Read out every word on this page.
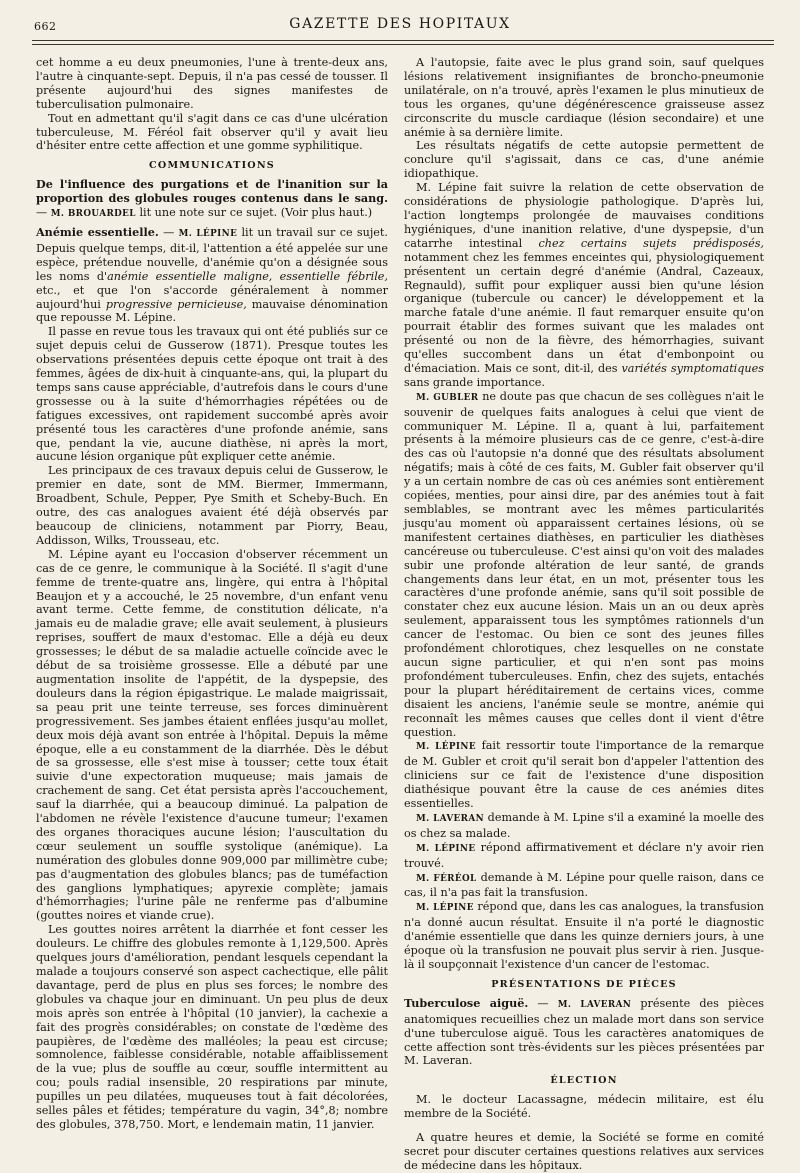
662	GAZETTE DES HOPITAUX

cet homme a eu deux pneumonies, l'une à trente-deux ans, l'autre à cinquante-sept. Depuis, il n'a pas cessé de tousser. Il présente aujourd'hui des signes manifestes de tuberculisation pulmonaire.

Tout en admettant qu'il s'agit dans ce cas d'une ulcération tuberculeuse, M. Féréol fait observer qu'il y avait lieu d'hésiter entre cette affection et une gomme syphilitique.

COMMUNICATIONS

De l'influence des purgations et de l'inanition sur la proportion des globules rouges contenus dans le sang. — M. BROUARDEL lit une note sur ce sujet. (Voir plus haut.)

Anémie essentielle. — M. LÉPINE lit un travail sur ce sujet. Depuis quelque temps, dit-il, l'attention a été appelée sur une espèce, prétendue nouvelle, d'anémie qu'on a désignée sous les noms d'anémie essentielle maligne, essentielle fébrile, etc., et que l'on s'accorde généralement à nommer aujourd'hui progressive pernicieuse, mauvaise dénomination que repousse M. Lépine.

Il passe en revue tous les travaux qui ont été publiés sur ce sujet depuis celui de Gusserow (1871). Presque toutes les observations présentées depuis cette époque ont trait à des femmes, âgées de dix-huit à cinquante-ans, qui, la plupart du temps sans cause appréciable, d'autrefois dans le cours d'une grossesse ou à la suite d'hémorrhagies répétées ou de fatigues excessives, ont rapidement succombé après avoir présenté tous les caractères d'une profonde anémie, sans que, pendant la vie, aucune diathèse, ni après la mort, aucune lésion organique pût expliquer cette anémie.

Les principaux de ces travaux depuis celui de Gusserow, le premier en date, sont de MM. Biermer, Immermann, Broadbent, Schule, Pepper, Pye Smith et Scheby-Buch. En outre, des cas analogues avaient été déjà observés par beaucoup de cliniciens, notamment par Piorry, Beau, Addisson, Wilks, Trousseau, etc.

M. Lépine ayant eu l'occasion d'observer récemment un cas de ce genre, le communique à la Société. Il s'agit d'une femme de trente-quatre ans, lingère, qui entra à l'hôpital Beaujon et y a accouché, le 25 novembre, d'un enfant venu avant terme. Cette femme, de constitution délicate, n'a jamais eu de maladie grave; elle avait seulement, à plusieurs reprises, souffert de maux d'estomac. Elle a déjà eu deux grossesses; le début de sa maladie actuelle coïncide avec le début de sa troisième grossesse. Elle a débuté par une augmentation insolite de l'appétit, de la dyspepsie, des douleurs dans la région épigastrique. Le malade maigrissait, sa peau prit une teinte terreuse, ses forces diminuèrent progressivement. Ses jambes étaient enflées jusqu'au mollet, deux mois déjà avant son entrée à l'hôpital. Depuis la même époque, elle a eu constamment de la diarrhée. Dès le début de sa grossesse, elle s'est mise à tousser; cette toux était suivie d'une expectoration muqueuse; mais jamais de crachement de sang. Cet état persista après l'accouchement, sauf la diarrhée, qui a beaucoup diminué. La palpation de l'abdomen ne révèle l'existence d'aucune tumeur; l'examen des organes thoraciques aucune lésion; l'auscultation du cœur seulement un souffle systolique (anémique). La numération des globules donne 909,000 par millimètre cube; pas d'augmentation des globules blancs; pas de tuméfaction des ganglions lymphatiques; apyrexie complète; jamais d'hémorrhagies; l'urine pâle ne renferme pas d'albumine (gouttes noires et viande crue).

Les gouttes noires arrêtent la diarrhée et font cesser les douleurs. Le chiffre des globules remonte à 1,129,500. Après quelques jours d'amélioration, pendant lesquels cependant la malade a toujours conservé son aspect cachectique, elle pâlit davantage, perd de plus en plus ses forces; le nombre des globules va chaque jour en diminuant. Un peu plus de deux mois après son entrée à l'hôpital (10 janvier), la cachexie a fait des progrès considérables; on constate de l'œdème des paupières, de l'œdème des malléoles; la peau est circuse; somnolence, faiblesse considérable, notable affaiblissement de la vue; plus de souffle au cœur, souffle intermittent au cou; pouls radial insensible, 20 respirations par minute, pupilles un peu dilatées, muqueuses tout à fait décolorées, selles pâles et fétides; température du vagin, 34°,8; nombre des globules, 378,750. Mort, e lendemain matin, 11 janvier.

A l'autopsie, faite avec le plus grand soin, sauf quelques lésions relativement insignifiantes de broncho-pneumonie unilatérale, on n'a trouvé, après l'examen le plus minutieux de tous les organes, qu'une dégénérescence graisseuse assez circonscrite du muscle cardiaque (lésion secondaire) et une anémie à sa dernière limite.

Les résultats négatifs de cette autopsie permettent de conclure qu'il s'agissait, dans ce cas, d'une anémie idiopathique.

M. Lépine fait suivre la relation de cette observation de considérations de physiologie pathologique. D'après lui, l'action longtemps prolongée de mauvaises conditions hygiéniques, d'une inanition relative, d'une dyspepsie, d'un catarrhe intestinal chez certains sujets prédisposés, notamment chez les femmes enceintes qui, physiologiquement présentent un certain degré d'anémie (Andral, Cazeaux, Regnauld), suffit pour expliquer aussi bien qu'une lésion organique (tubercule ou cancer) le développement et la marche fatale d'une anémie. Il faut remarquer ensuite qu'on pourrait établir des formes suivant que les malades ont présenté ou non de la fièvre, des hémorrhagies, suivant qu'elles succombent dans un état d'embonpoint ou d'émaciation. Mais ce sont, dit-il, des variétés symptomatiques sans grande importance.

M. GUBLER ne doute pas que chacun de ses collègues n'ait le souvenir de quelques faits analogues à celui que vient de communiquer M. Lépine. Il a, quant à lui, parfaitement présents à la mémoire plusieurs cas de ce genre, c'est-à-dire des cas où l'autopsie n'a donné que des résultats absolument négatifs; mais à côté de ces faits, M. Gubler fait observer qu'il y a un certain nombre de cas où ces anémies sont entièrement copiées, menties, pour ainsi dire, par des anémies tout à fait semblables, se montrant avec les mêmes particularités jusqu'au moment où apparaissent certaines lésions, où se manifestent certaines diathèses, en particulier les diathèses cancéreuse ou tuberculeuse. C'est ainsi qu'on voit des malades subir une profonde altération de leur santé, de grands changements dans leur état, en un mot, présenter tous les caractères d'une profonde anémie, sans qu'il soit possible de constater chez eux aucune lésion. Mais un an ou deux après seulement, apparaissent tous les symptômes rationnels d'un cancer de l'estomac. Ou bien ce sont des jeunes filles profondément chlorotiques, chez lesquelles on ne constate aucun signe particulier, et qui n'en sont pas moins profondément tuberculeuses. Enfin, chez des sujets, entachés pour la plupart héréditairement de certains vices, comme disaient les anciens, l'anémie seule se montre, anémie qui reconnaît les mêmes causes que celles dont il vient d'être question.

M. LÉPINE fait ressortir toute l'importance de la remarque de M. Gubler et croit qu'il serait bon d'appeler l'attention des cliniciens sur ce fait de l'existence d'une disposition diathésique pouvant être la cause de ces anémies dites essentielles.

M. LAVERAN demande à M. Lpine s'il a examiné la moelle des os chez sa malade.

M. LÉPINE répond affirmativement et déclare n'y avoir rien trouvé.

M. FÉRÉOL demande à M. Lépine pour quelle raison, dans ce cas, il n'a pas fait la transfusion.

M. LÉPINE répond que, dans les cas analogues, la transfusion n'a donné aucun résultat. Ensuite il n'a porté le diagnostic d'anémie essentielle que dans les quinze derniers jours, à une époque où la transfusion ne pouvait plus servir à rien. Jusque-là il soupçonnait l'existence d'un cancer de l'estomac.

PRÉSENTATIONS DE PIÈCES

Tuberculose aiguë. — M. LAVERAN présente des pièces anatomiques recueillies chez un malade mort dans son service d'une tuberculose aiguë. Tous les caractères anatomiques de cette affection sont très-évidents sur les pièces présentées par M. Laveran.

ÉLECTION

M. le docteur Lacassagne, médecin militaire, est élu membre de la Société.

A quatre heures et demie, la Société se forme en comité secret pour discuter certaines questions relatives aux services de médecine dans les hôpitaux.
